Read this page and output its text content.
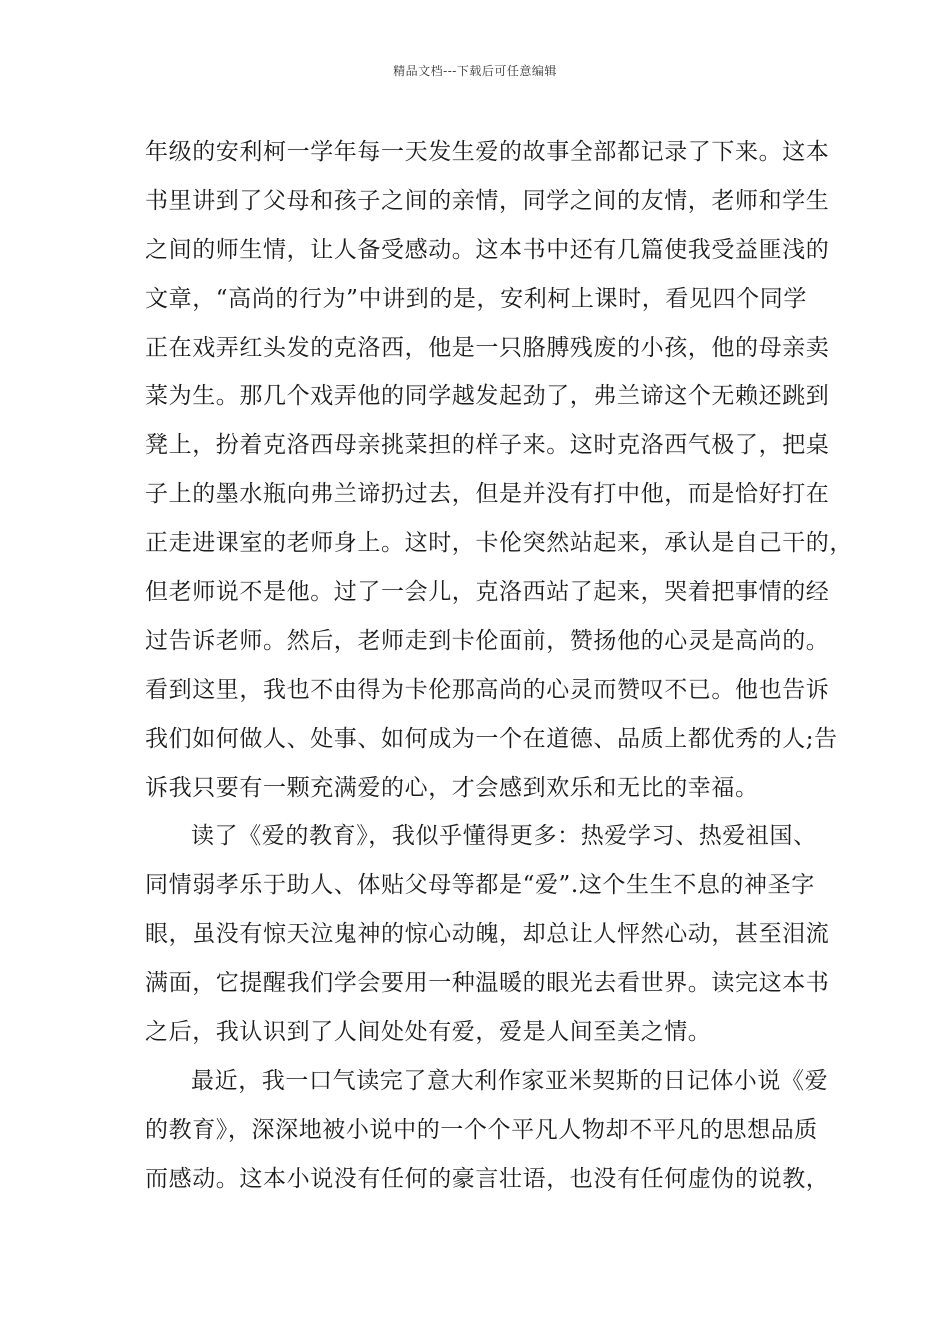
精品文档---下载后可任意编辑
年级的安利柯一学年每一天发生爱的故事全部都记录了下来。这本
书里讲到了父母和孩子之间的亲情，同学之间的友情，老师和学生
之间的师生情，让人备受感动。这本书中还有几篇使我受益匪浅的
文章，“高尚的行为”中讲到的是，安利柯上课时，看见四个同学
正在戏弄红头发的克洛西，他是一只胳膊残废的小孩，他的母亲卖
菜为生。那几个戏弄他的同学越发起劲了，弗兰谛这个无赖还跳到
凳上，扮着克洛西母亲挑菜担的样子来。这时克洛西气极了，把桌
子上的墨水瓶向弗兰谛扔过去，但是并没有打中他，而是恰好打在
正走进课室的老师身上。这时，卡伦突然站起来，承认是自己干的，
但老师说不是他。过了一会儿，克洛西站了起来，哭着把事情的经
过告诉老师。然后，老师走到卡伦面前，赞扬他的心灵是高尚的。
看到这里，我也不由得为卡伦那高尚的心灵而赞叹不已。他也告诉
我们如何做人、处事、如何成为一个在道德、品质上都优秀的人;告
诉我只要有一颗充满爱的心，才会感到欢乐和无比的幸福。
读了《爱的教育》，我似乎懂得更多：热爱学习、热爱祖国、
同情弱孝乐于助人、体贴父母等都是“爱”.这个生生不息的神圣字
眼，虽没有惊天泣鬼神的惊心动魄，却总让人怦然心动，甚至泪流
满面，它提醒我们学会要用一种温暖的眼光去看世界。读完这本书
之后，我认识到了人间处处有爱，爱是人间至美之情。
最近，我一口气读完了意大利作家亚米契斯的日记体小说《爱
的教育》，深深地被小说中的一个个平凡人物却不平凡的思想品质
而感动。这本小说没有任何的豪言壮语，也没有任何虚伪的说教，
